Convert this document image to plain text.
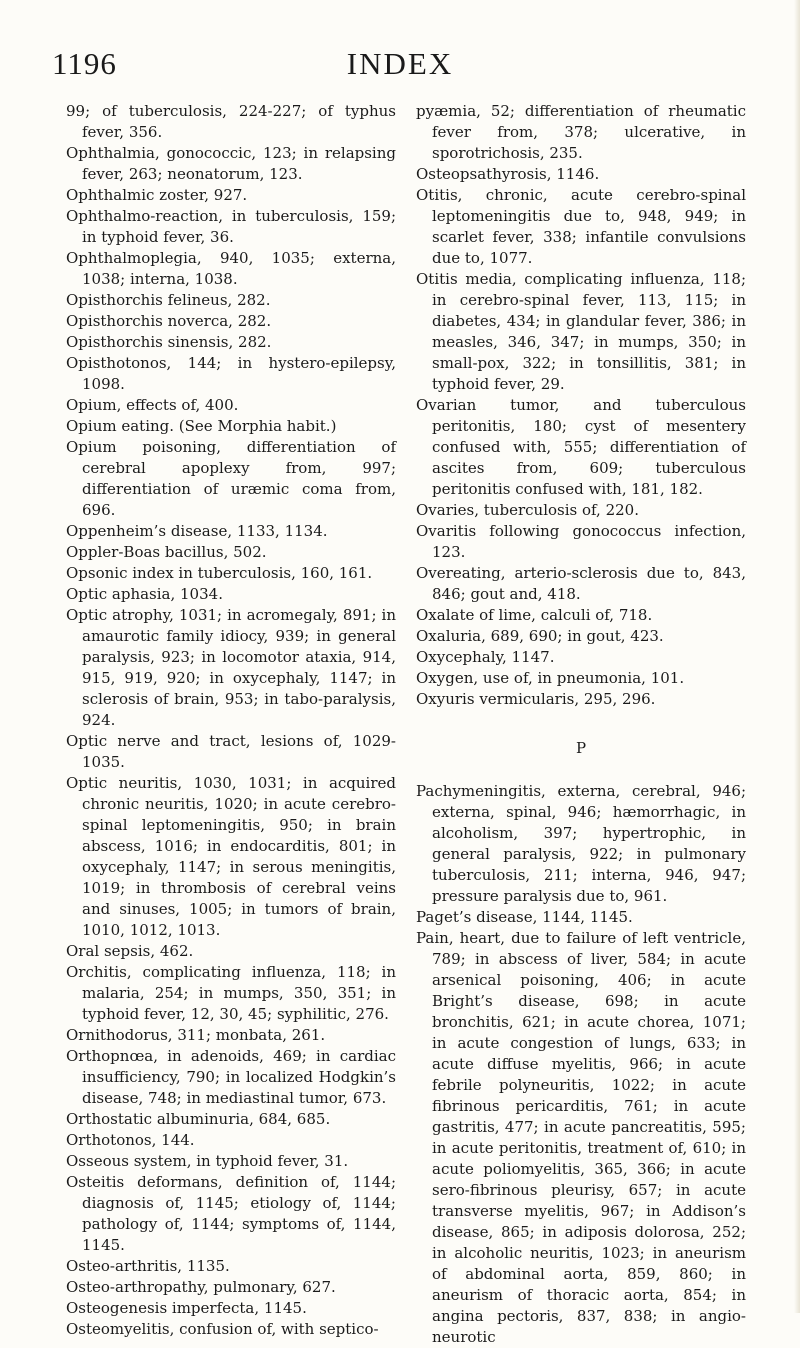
1196	INDEX

99; of tuberculosis, 224-227; of typhus fever, 356.

Ophthalmia, gonococcic, 123; in relapsing fever, 263; neonatorum, 123.

Ophthalmic zoster, 927.

Ophthalmo-reaction, in tuberculosis, 159; in typhoid fever, 36.

Ophthalmoplegia, 940, 1035; externa, 1038; interna, 1038.

Opisthorchis felineus, 282.

Opisthorchis noverca, 282.

Opisthorchis sinensis, 282.

Opisthotonos, 144; in hystero-epilepsy, 1098.

Opium, effects of, 400.

Opium eating. (See Morphia habit.)

Opium poisoning, differentiation of cerebral apoplexy from, 997; differentiation of uræmic coma from, 696.

Oppenheim’s disease, 1133, 1134.

Oppler-Boas bacillus, 502.

Opsonic index in tuberculosis, 160, 161.

Optic aphasia, 1034.

Optic atrophy, 1031; in acromegaly, 891; in amaurotic family idiocy, 939; in general paralysis, 923; in locomotor ataxia, 914, 915, 919, 920; in oxycephaly, 1147; in sclerosis of brain, 953; in tabo-paralysis, 924.

Optic nerve and tract, lesions of, 1029-1035.

Optic neuritis, 1030, 1031; in acquired chronic neuritis, 1020; in acute cerebro-spinal leptomeningitis, 950; in brain abscess, 1016; in endocarditis, 801; in oxycephaly, 1147; in serous meningitis, 1019; in thrombosis of cerebral veins and sinuses, 1005; in tumors of brain, 1010, 1012, 1013.

Oral sepsis, 462.

Orchitis, complicating influenza, 118; in malaria, 254; in mumps, 350, 351; in typhoid fever, 12, 30, 45; syphilitic, 276.

Ornithodorus, 311; monbata, 261.

Orthopnœa, in adenoids, 469; in cardiac insufficiency, 790; in localized Hodgkin’s disease, 748; in mediastinal tumor, 673.

Orthostatic albuminuria, 684, 685.

Orthotonos, 144.

Osseous system, in typhoid fever, 31.

Osteitis deformans, definition of, 1144; diagnosis of, 1145; etiology of, 1144; pathology of, 1144; symptoms of, 1144, 1145.

Osteo-arthritis, 1135.

Osteo-arthropathy, pulmonary, 627.

Osteogenesis imperfecta, 1145.

Osteomyelitis, confusion of, with septico-

pyæmia, 52; differentiation of rheumatic fever from, 378; ulcerative, in sporotrichosis, 235.

Osteopsathyrosis, 1146.

Otitis, chronic, acute cerebro-spinal leptomeningitis due to, 948, 949; in scarlet fever, 338; infantile convulsions due to, 1077.

Otitis media, complicating influenza, 118; in cerebro-spinal fever, 113, 115; in diabetes, 434; in glandular fever, 386; in measles, 346, 347; in mumps, 350; in small-pox, 322; in tonsillitis, 381; in typhoid fever, 29.

Ovarian tumor, and tuberculous peritonitis, 180; cyst of mesentery confused with, 555; differentiation of ascites from, 609; tuberculous peritonitis confused with, 181, 182.

Ovaries, tuberculosis of, 220.

Ovaritis following gonococcus infection, 123.

Overeating, arterio-sclerosis due to, 843, 846; gout and, 418.

Oxalate of lime, calculi of, 718.

Oxaluria, 689, 690; in gout, 423.

Oxycephaly, 1147.

Oxygen, use of, in pneumonia, 101.

Oxyuris vermicularis, 295, 296.

P

Pachymeningitis, externa, cerebral, 946; externa, spinal, 946; hæmorrhagic, in alcoholism, 397; hypertrophic, in general paralysis, 922; in pulmonary tuberculosis, 211; interna, 946, 947; pressure paralysis due to, 961.

Paget’s disease, 1144, 1145.

Pain, heart, due to failure of left ventricle, 789; in abscess of liver, 584; in acute arsenical poisoning, 406; in acute Bright’s disease, 698; in acute bronchitis, 621; in acute chorea, 1071; in acute congestion of lungs, 633; in acute diffuse myelitis, 966; in acute febrile polyneuritis, 1022; in acute fibrinous pericarditis, 761; in acute gastritis, 477; in acute pancreatitis, 595; in acute peritonitis, treatment of, 610; in acute poliomyelitis, 365, 366; in acute sero-fibrinous pleurisy, 657; in acute transverse myelitis, 967; in Addison’s disease, 865; in adiposis dolorosa, 252; in alcoholic neuritis, 1023; in aneurism of abdominal aorta, 859, 860; in aneurism of thoracic aorta, 854; in angina pectoris, 837, 838; in angio-neurotic
